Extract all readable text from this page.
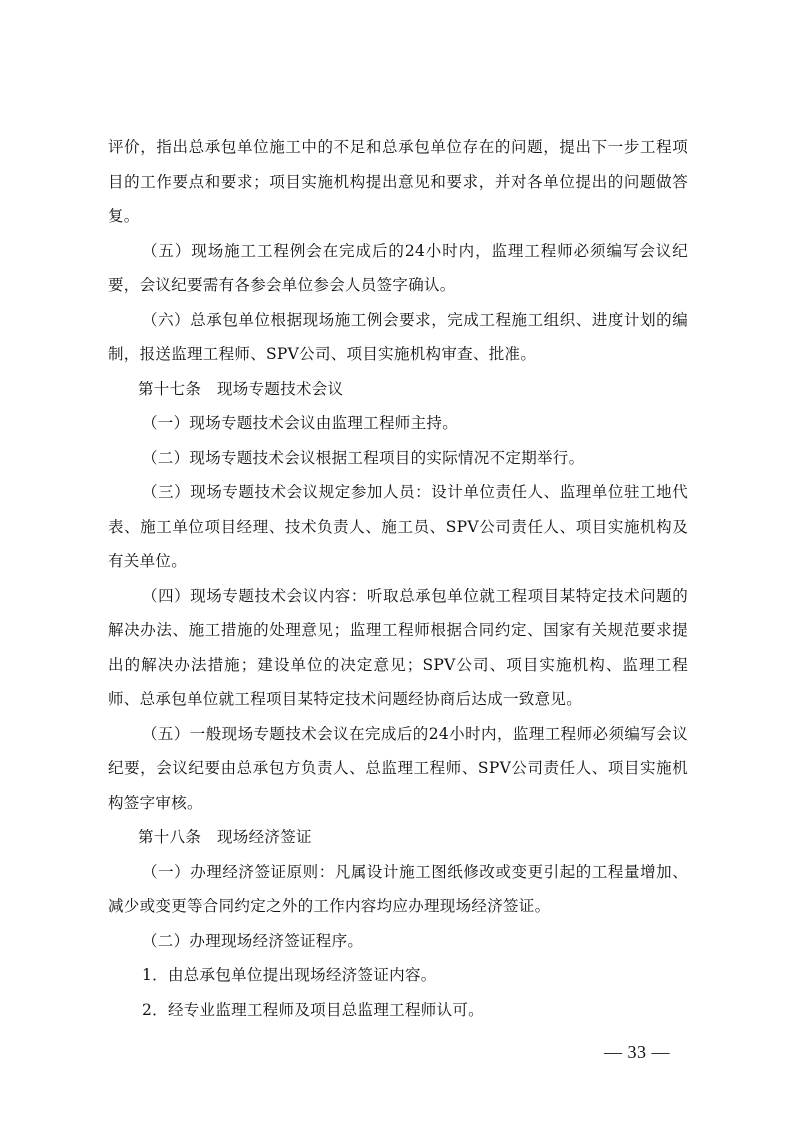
评价，指出总承包单位施工中的不足和总承包单位存在的问题，提出下一步工程项目的工作要点和要求；项目实施机构提出意见和要求，并对各单位提出的问题做答复。

（五）现场施工工程例会在完成后的24小时内，监理工程师必须编写会议纪要，会议纪要需有各参会单位参会人员签字确认。

（六）总承包单位根据现场施工例会要求，完成工程施工组织、进度计划的编制，报送监理工程师、SPV公司、项目实施机构审查、批准。

第十七条　现场专题技术会议

（一）现场专题技术会议由监理工程师主持。

（二）现场专题技术会议根据工程项目的实际情况不定期举行。

（三）现场专题技术会议规定参加人员：设计单位责任人、监理单位驻工地代表、施工单位项目经理、技术负责人、施工员、SPV公司责任人、项目实施机构及有关单位。

（四）现场专题技术会议内容：听取总承包单位就工程项目某特定技术问题的解决办法、施工措施的处理意见；监理工程师根据合同约定、国家有关规范要求提出的解决办法措施；建设单位的决定意见；SPV公司、项目实施机构、监理工程师、总承包单位就工程项目某特定技术问题经协商后达成一致意见。

（五）一般现场专题技术会议在完成后的24小时内，监理工程师必须编写会议纪要，会议纪要由总承包方负责人、总监理工程师、SPV公司责任人、项目实施机构签字审核。

第十八条　现场经济签证

（一）办理经济签证原则：凡属设计施工图纸修改或变更引起的工程量增加、减少或变更等合同约定之外的工作内容均应办理现场经济签证。

（二）办理现场经济签证程序。

1．由总承包单位提出现场经济签证内容。

2．经专业监理工程师及项目总监理工程师认可。

— 33 —
